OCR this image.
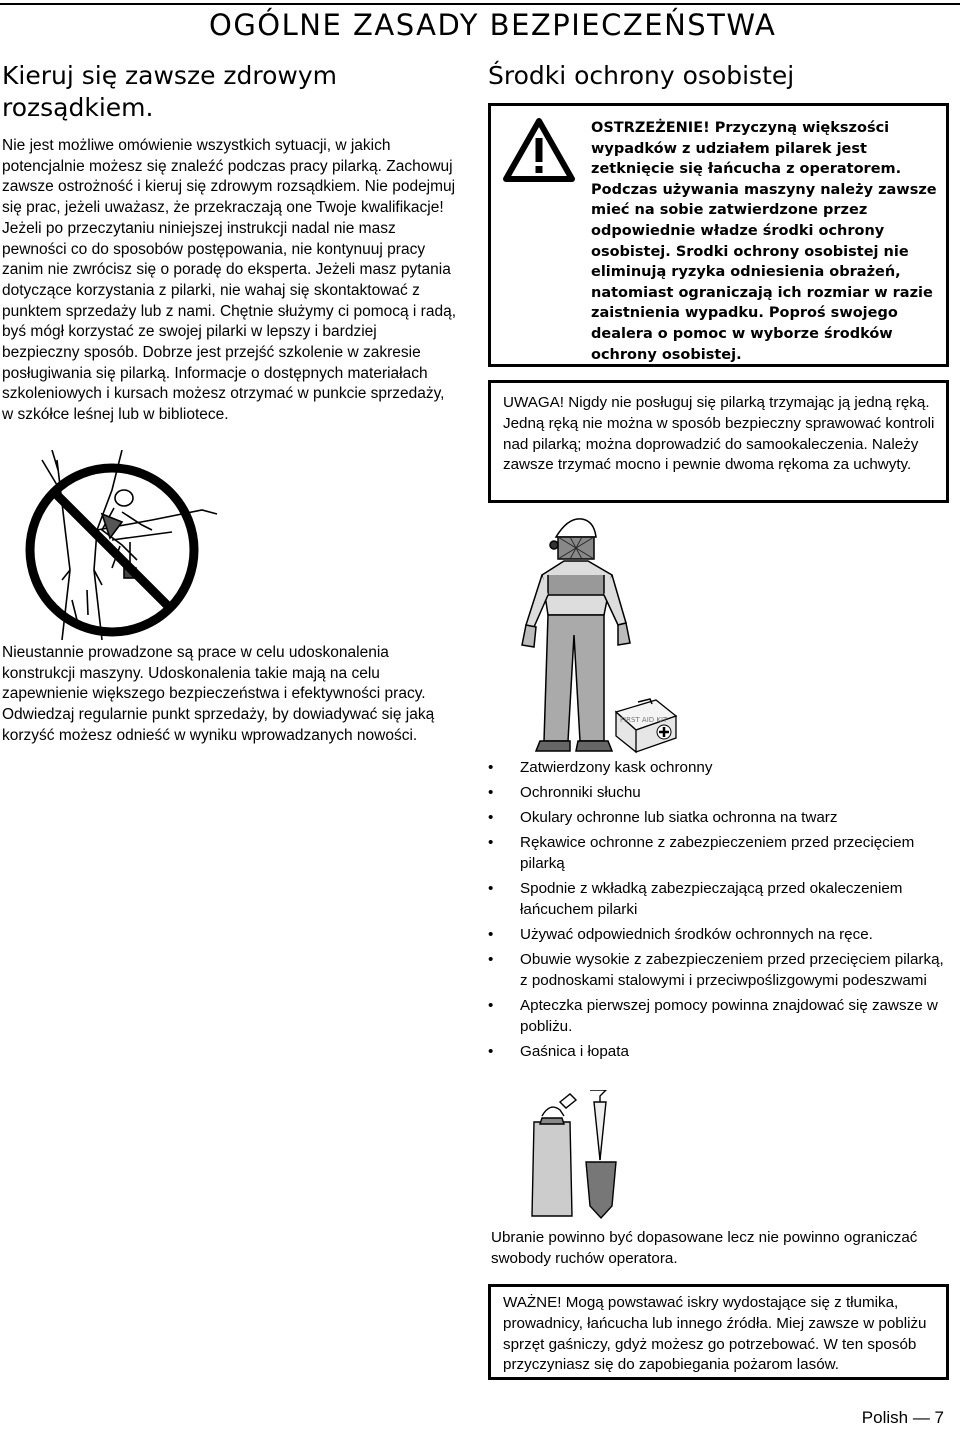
OGÓLNE ZASADY BEZPIECZEŃSTWA
Kieruj się zawsze zdrowym rozsądkiem.
Nie jest możliwe omówienie wszystkich sytuacji, w jakich potencjalnie możesz się znaleźć podczas pracy pilarką. Zachowuj zawsze ostrożność i kieruj się zdrowym rozsądkiem. Nie podejmuj się prac, jeżeli uważasz, że przekraczają one Twoje kwalifikacje! Jeżeli po przeczytaniu niniejszej instrukcji nadal nie masz pewności co do sposobów postępowania, nie kontynuuj pracy zanim nie zwrócisz się o poradę do eksperta. Jeżeli masz pytania dotyczące korzystania z pilarki, nie wahaj się skontaktować z punktem sprzedaży lub z nami. Chętnie służymy ci pomocą i radą, byś mógł korzystać ze swojej pilarki w lepszy i bardziej bezpieczny sposób. Dobrze jest przejść szkolenie w zakresie posługiwania się pilarką. Informacje o dostępnych materiałach szkoleniowych i kursach możesz otrzymać w punkcie sprzedaży, w szkółce leśnej lub w bibliotece.
Nieustannie prowadzone są prace w celu udoskonalenia konstrukcji maszyny. Udoskonalenia takie mają na celu zapewnienie większego bezpieczeństwa i efektywności pracy. Odwiedzaj regularnie punkt sprzedaży, by dowiadywać się jaką korzyść możesz odnieść w wyniku wprowadzanych nowości.
Środki ochrony osobistej
OSTRZEŻENIE! Przyczyną większości wypadków z udziałem pilarek jest zetknięcie się łańcucha z operatorem. Podczas używania maszyny należy zawsze mieć na sobie zatwierdzone przez odpowiednie władze środki ochrony osobistej. Srodki ochrony osobistej nie eliminują ryzyka odniesienia obrażeń, natomiast ograniczają ich rozmiar w razie zaistnienia wypadku. Poproś swojego dealera o pomoc w wyborze środków ochrony osobistej.
UWAGA! Nigdy nie posługuj się pilarką trzymając ją jedną ręką. Jedną ręką nie można w sposób bezpieczny sprawować kontroli nad pilarką; można doprowadzić do samookaleczenia. Należy zawsze trzymać mocno i pewnie dwoma rękoma za uchwyty.
FIRST AID KIT
• Zatwierdzony kask ochronny
• Ochronniki słuchu
• Okulary ochronne lub siatka ochronna na twarz
• Rękawice ochronne z zabezpieczeniem przed przecięciem pilarką
• Spodnie z wkładką zabezpieczającą przed okaleczeniem łańcuchem pilarki
• Używać odpowiednich środków ochronnych na ręce.
• Obuwie wysokie z zabezpieczeniem przed przecięciem pilarką, z podnoskami stalowymi i przeciwpoślizgowymi podeszwami
• Apteczka pierwszej pomocy powinna znajdować się zawsze w pobliżu.
• Gaśnica i łopata
Ubranie powinno być dopasowane lecz nie powinno ograniczać swobody ruchów operatora.
WAŻNE! Mogą powstawać iskry wydostające się z tłumika, prowadnicy, łańcucha lub innego źródła. Miej zawsze w pobliżu sprzęt gaśniczy, gdyż możesz go potrzebować. W ten sposób przyczyniasz się do zapobiegania pożarom lasów.
Polish — 7
